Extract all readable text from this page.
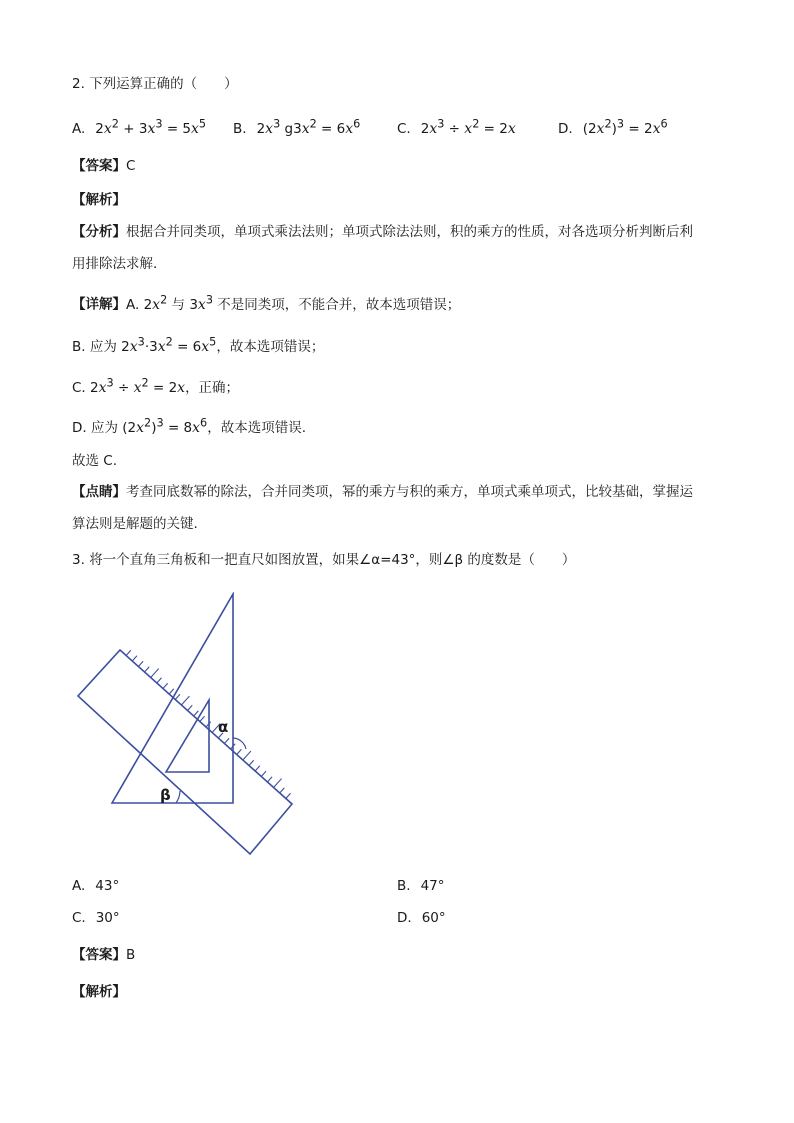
2. 下列运算正确的（　　）
A. $2x^2 + 3x^3 = 5x^5$ B. $2x^3$ $g3x^2 = 6x^6$	C. $2x^3 \div x^2 = 2x$	D. $(2x^2)^3 = 2x^6$
【答案】C
【解析】
【分析】根据合并同类项，单项式乘法法则；单项式除法法则，积的乘方的性质，对各选项分析判断后利
用排除法求解．
【详解】A. $2x^2$ 与 $3x^3$ 不是同类项，不能合并，故本选项错误；
B. 应为 $2x^3\cdot 3x^2 = 6x^5$，故本选项错误；
C. $2x^3 \div x^2 = 2x$，正确；
D. 应为 $(2x^2)^3 = 8x^6$，故本选项错误.
故选 C.
【点睛】考查同底数幂的除法，合并同类项，幂的乘方与积的乘方，单项式乘单项式，比较基础，掌握运
算法则是解题的关键.
3. 将一个直角三角板和一把直尺如图放置，如果∠α=43°，则∠β 的度数是（　　）
α
β
A. 43°	B. 47°
C. 30°	D. 60°
【答案】B
【解析】
